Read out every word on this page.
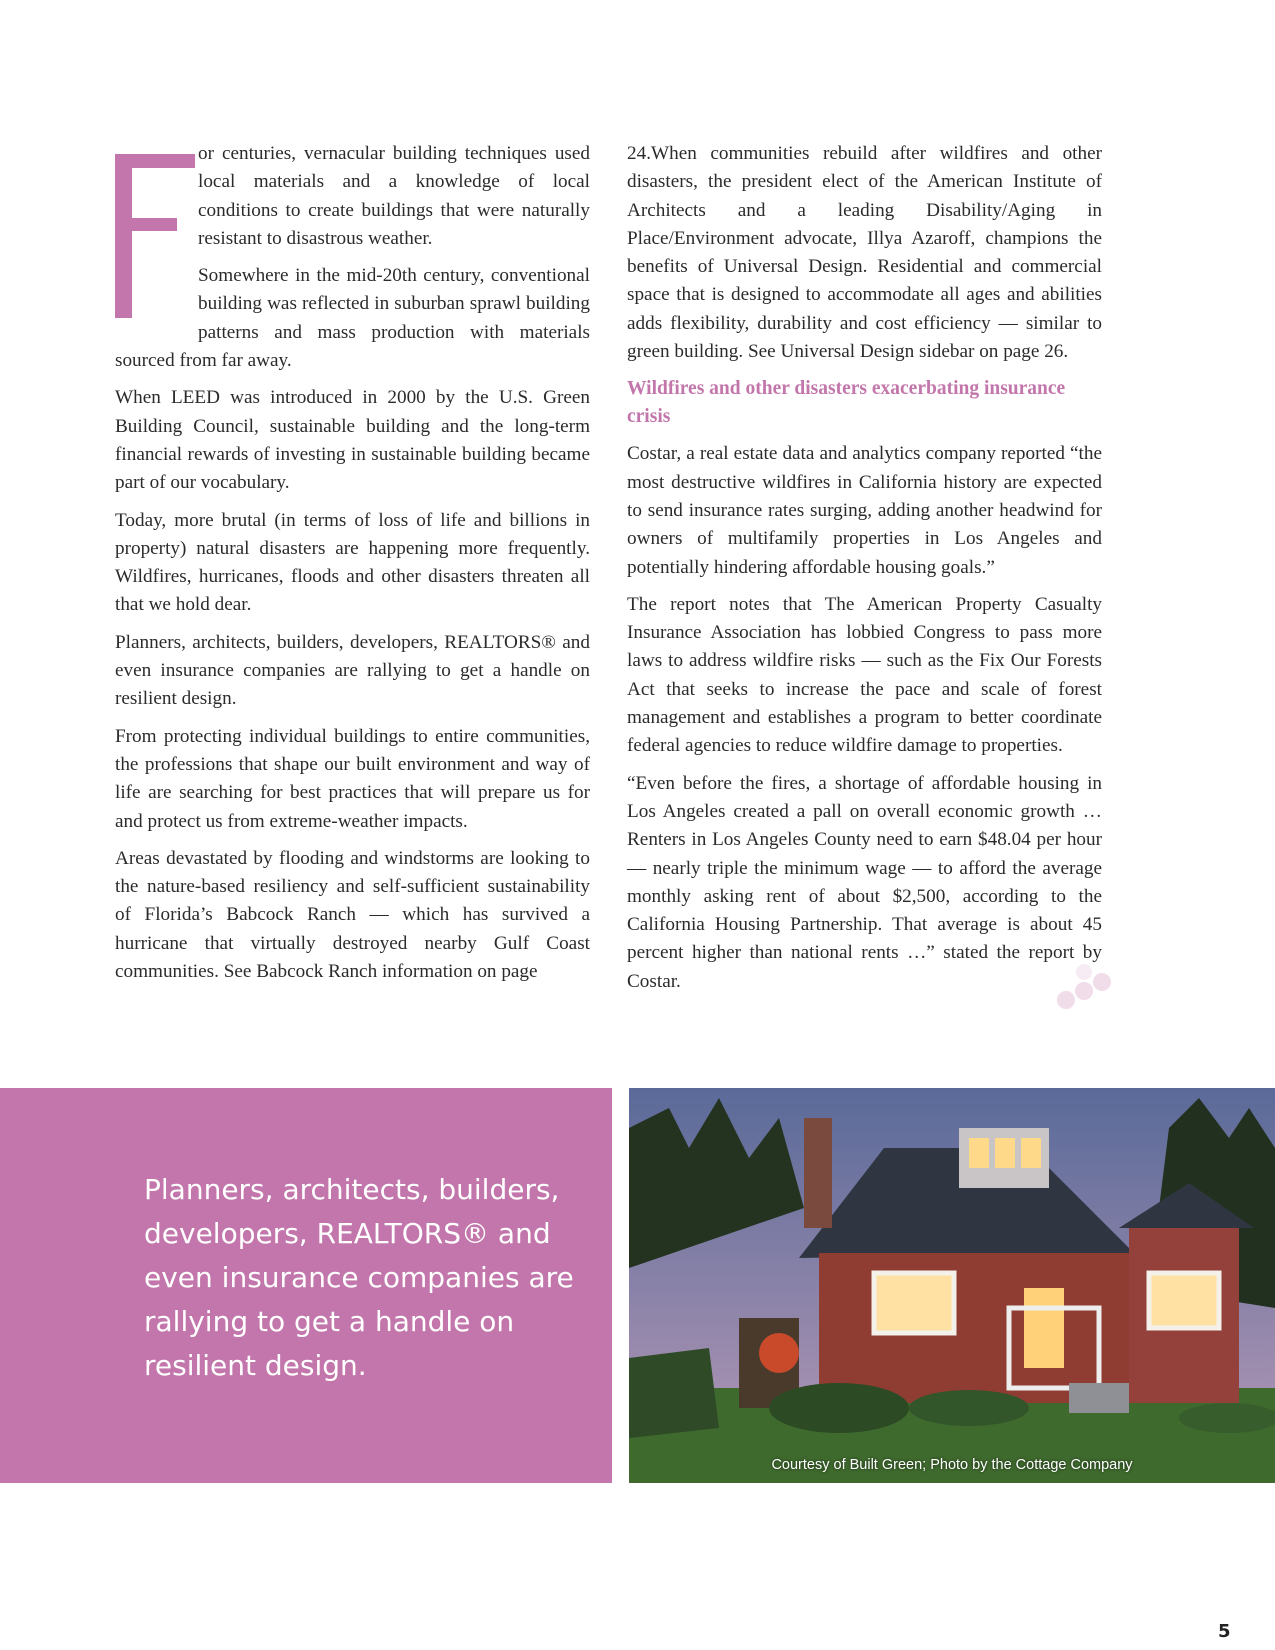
or centuries, vernacular building techniques used local materials and a knowledge of local conditions to create buildings that were naturally resistant to disastrous weather.

Somewhere in the mid-20th century, conventional building was reflected in suburban sprawl building patterns and mass production with materials sourced from far away.

When LEED was introduced in 2000 by the U.S. Green Building Council, sustainable building and the long-term financial rewards of investing in sustainable building became part of our vocabulary.

Today, more brutal (in terms of loss of life and billions in property) natural disasters are happening more frequently. Wildfires, hurricanes, floods and other disasters threaten all that we hold dear.

Planners, architects, builders, developers, REALTORS® and even insurance companies are rallying to get a handle on resilient design.

From protecting individual buildings to entire communities, the professions that shape our built environment and way of life are searching for best practices that will prepare us for and protect us from extreme-weather impacts.

Areas devastated by flooding and windstorms are looking to the nature-based resiliency and self-sufficient sustainability of Florida’s Babcock Ranch — which has survived a hurricane that virtually destroyed nearby Gulf Coast communities. See Babcock Ranch information on page

24.When communities rebuild after wildfires and other disasters, the president elect of the American Institute of Architects and a leading Disability/Aging in Place/Environment advocate, Illya Azaroff, champions the benefits of Universal Design. Residential and commercial space that is designed to accommodate all ages and abilities adds flexibility, durability and cost efficiency — similar to green building. See Universal Design sidebar on page 26.

Wildfires and other disasters exacerbating insurance crisis

Costar, a real estate data and analytics company reported “the most destructive wildfires in California history are expected to send insurance rates surging, adding another headwind for owners of multifamily properties in Los Angeles and potentially hindering affordable housing goals.”

The report notes that The American Property Casualty Insurance Association has lobbied Congress to pass more laws to address wildfire risks — such as the Fix Our Forests Act that seeks to increase the pace and scale of forest management and establishes a program to better coordinate federal agencies to reduce wildfire damage to properties.

“Even before the fires, a shortage of affordable housing in Los Angeles created a pall on overall economic growth … Renters in Los Angeles County need to earn $48.04 per hour — nearly triple the minimum wage — to afford the average monthly asking rent of about $2,500, according to the California Housing Partnership. That average is about 45 percent higher than national rents …” stated the report by Costar.

Planners, architects, builders, developers, REALTORS® and even insurance companies are rallying to get a handle on resilient design.

Courtesy of Built Green; Photo by the Cottage Company
5
